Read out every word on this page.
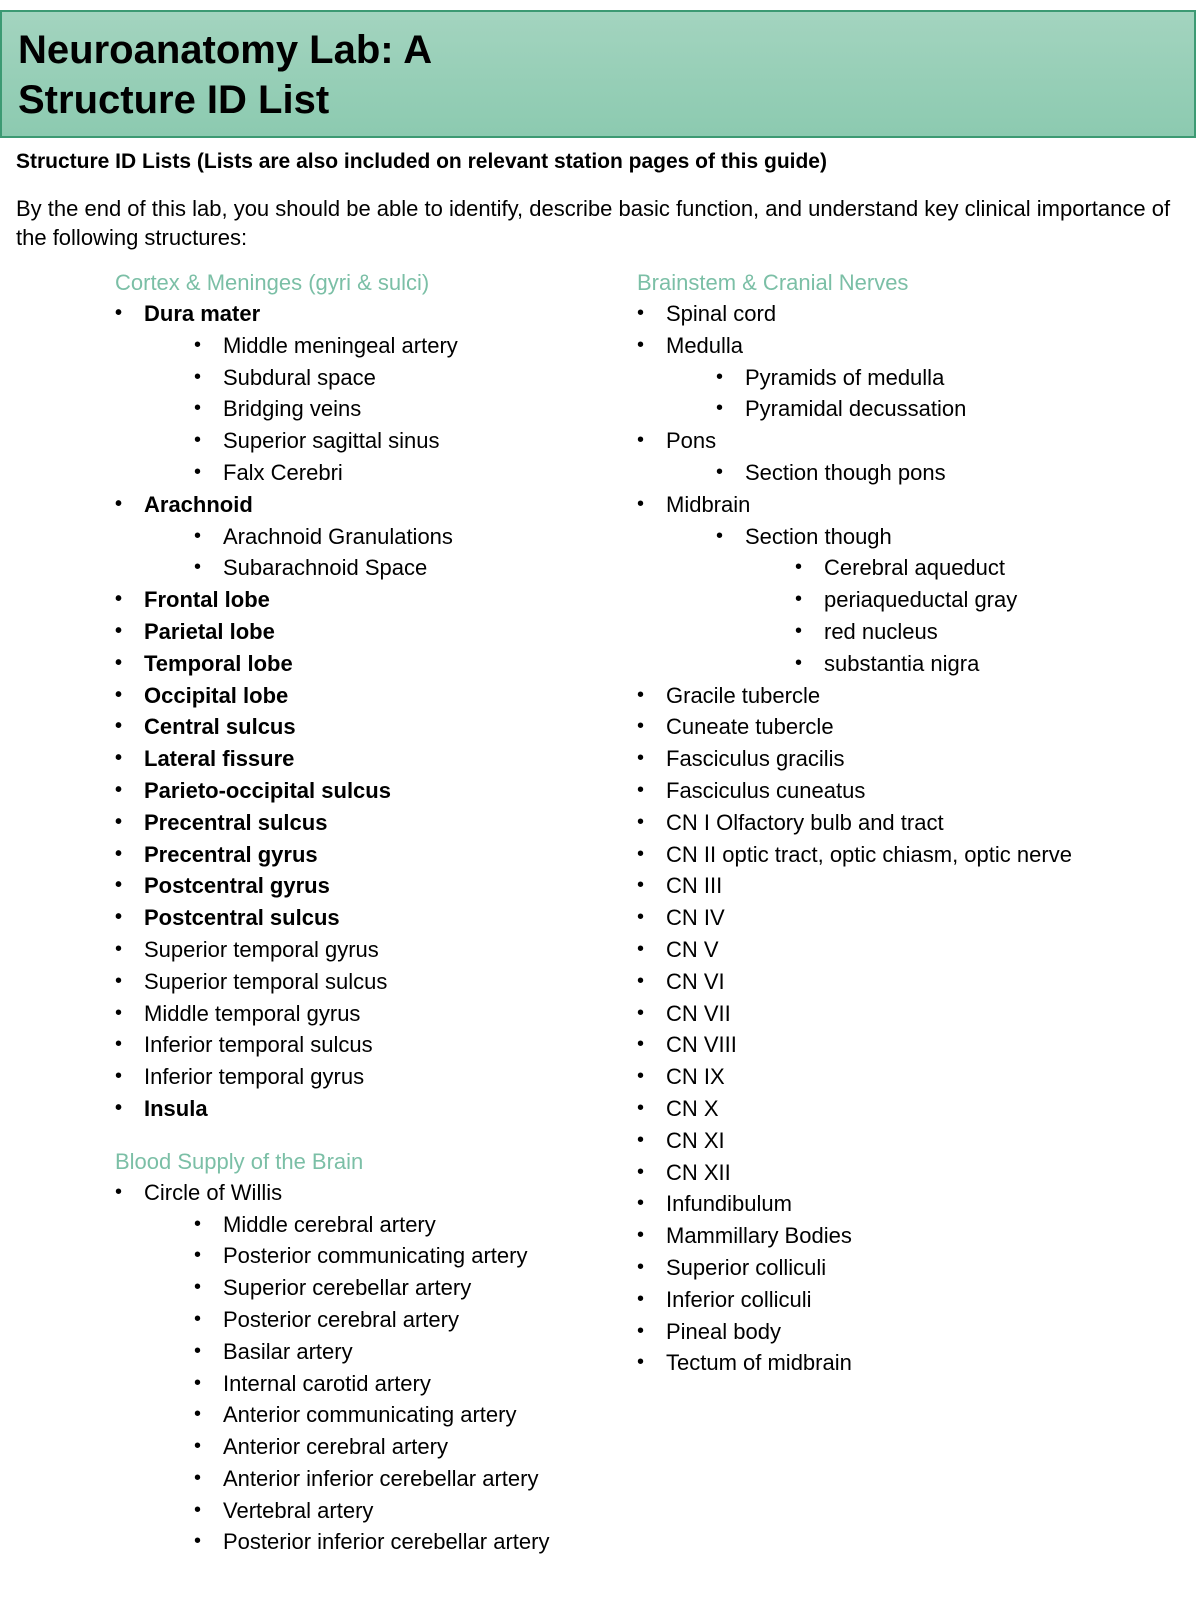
Neuroanatomy Lab: A
Structure ID List
Structure ID Lists (Lists are also included on relevant station pages of this guide)
By the end of this lab, you should be able to identify, describe basic function, and understand key clinical importance of the following structures:
Cortex & Meninges (gyri & sulci)
• Dura mater
• Middle meningeal artery
• Subdural space
• Bridging veins
• Superior sagittal sinus
• Falx Cerebri
• Arachnoid
• Arachnoid Granulations
• Subarachnoid Space
• Frontal lobe
• Parietal lobe
• Temporal lobe
• Occipital lobe
• Central sulcus
• Lateral fissure
• Parieto-occipital sulcus
• Precentral sulcus
• Precentral gyrus
• Postcentral gyrus
• Postcentral sulcus
• Superior temporal gyrus
• Superior temporal sulcus
• Middle temporal gyrus
• Inferior temporal sulcus
• Inferior temporal gyrus
• Insula
Blood Supply of the Brain
• Circle of Willis
• Middle cerebral artery
• Posterior communicating artery
• Superior cerebellar artery
• Posterior cerebral artery
• Basilar artery
• Internal carotid artery
• Anterior communicating artery
• Anterior cerebral artery
• Anterior inferior cerebellar artery
• Vertebral artery
• Posterior inferior cerebellar artery
Brainstem & Cranial Nerves
• Spinal cord
• Medulla
• Pyramids of medulla
• Pyramidal decussation
• Pons
• Section though pons
• Midbrain
• Section though
• Cerebral aqueduct
• periaqueductal gray
• red nucleus
• substantia nigra
• Gracile tubercle
• Cuneate tubercle
• Fasciculus gracilis
• Fasciculus cuneatus
• CN I Olfactory bulb and tract
• CN II optic tract, optic chiasm, optic nerve
• CN III
• CN IV
• CN V
• CN VI
• CN VII
• CN VIII
• CN IX
• CN X
• CN XI
• CN XII
• Infundibulum
• Mammillary Bodies
• Superior colliculi
• Inferior colliculi
• Pineal body
• Tectum of midbrain
